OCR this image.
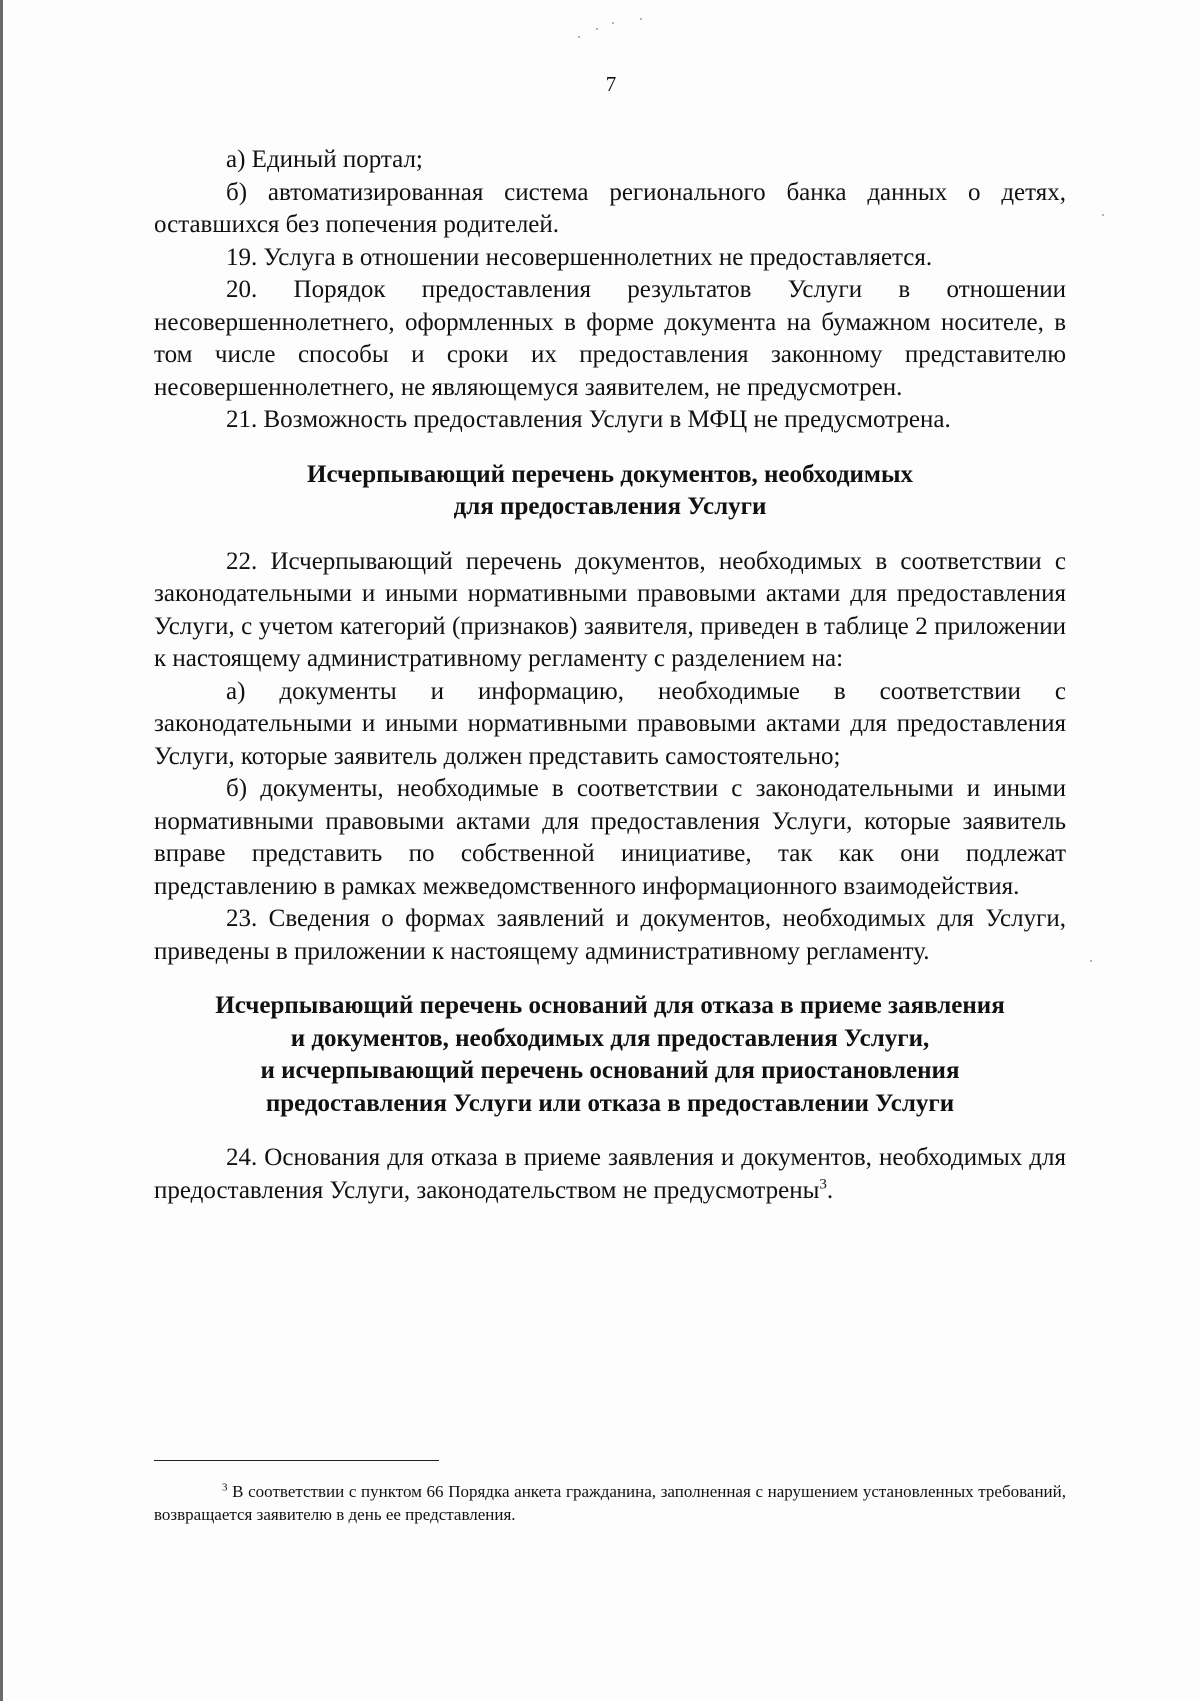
7

а) Единый портал;

б) автоматизированная система регионального банка данных о детях, оставшихся без попечения родителей.

19. Услуга в отношении несовершеннолетних не предоставляется.

20. Порядок предоставления результатов Услуги в отношении несовершеннолетнего, оформленных в форме документа на бумажном носителе, в том числе способы и сроки их предоставления законному представителю несовершеннолетнего, не являющемуся заявителем, не предусмотрен.

21. Возможность предоставления Услуги в МФЦ не предусмотрена.

Исчерпывающий перечень документов, необходимых
для предоставления Услуги

22. Исчерпывающий перечень документов, необходимых в соответствии с законодательными и иными нормативными правовыми актами для предоставления Услуги, с учетом категорий (признаков) заявителя, приведен в таблице 2 приложении к настоящему административному регламенту с разделением на:

а) документы и информацию, необходимые в соответствии с законодательными и иными нормативными правовыми актами для предоставления Услуги, которые заявитель должен представить самостоятельно;

б) документы, необходимые в соответствии с законодательными и иными нормативными правовыми актами для предоставления Услуги, которые заявитель вправе представить по собственной инициативе, так как они подлежат представлению в рамках межведомственного информационного взаимодействия.

23. Сведения о формах заявлений и документов, необходимых для Услуги, приведены в приложении к настоящему административному регламенту.

Исчерпывающий перечень оснований для отказа в приеме заявления
и документов, необходимых для предоставления Услуги,
и исчерпывающий перечень оснований для приостановления
предоставления Услуги или отказа в предоставлении Услуги

24. Основания для отказа в приеме заявления и документов, необходимых для предоставления Услуги, законодательством не предусмотрены$^3$.

$^3$ В соответствии с пунктом 66 Порядка анкета гражданина, заполненная с нарушением установленных требований, возвращается заявителю в день ее представления.
